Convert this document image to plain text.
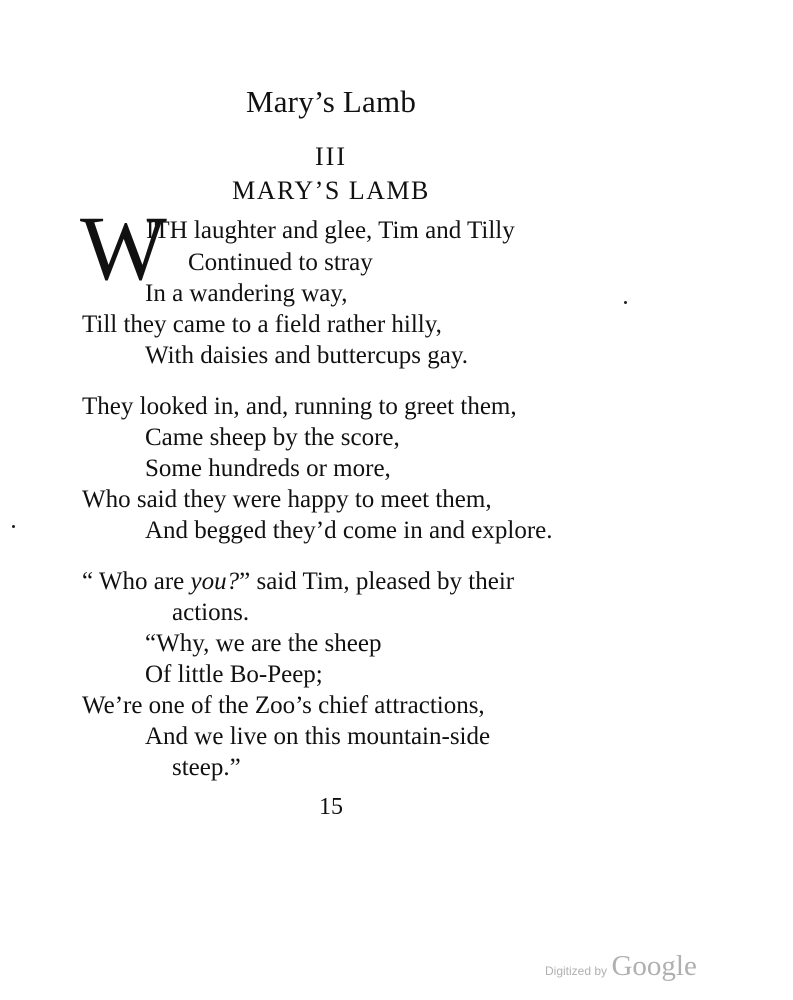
Mary’s Lamb
III
MARY’S LAMB
W
ITH laughter and glee, Tim and Tilly
Continued to stray
In a wandering way,
Till they came to a field rather hilly,
With daisies and buttercups gay.
They looked in, and, running to greet them,
Came sheep by the score,
Some hundreds or more,
Who said they were happy to meet them,
And begged they’d come in and explore.
“ Who are you?” said Tim, pleased by their
actions.
“Why, we are the sheep
Of little Bo-Peep;
We’re one of the Zoo’s chief attractions,
And we live on this mountain-side
steep.”
15
Digitized by Google
